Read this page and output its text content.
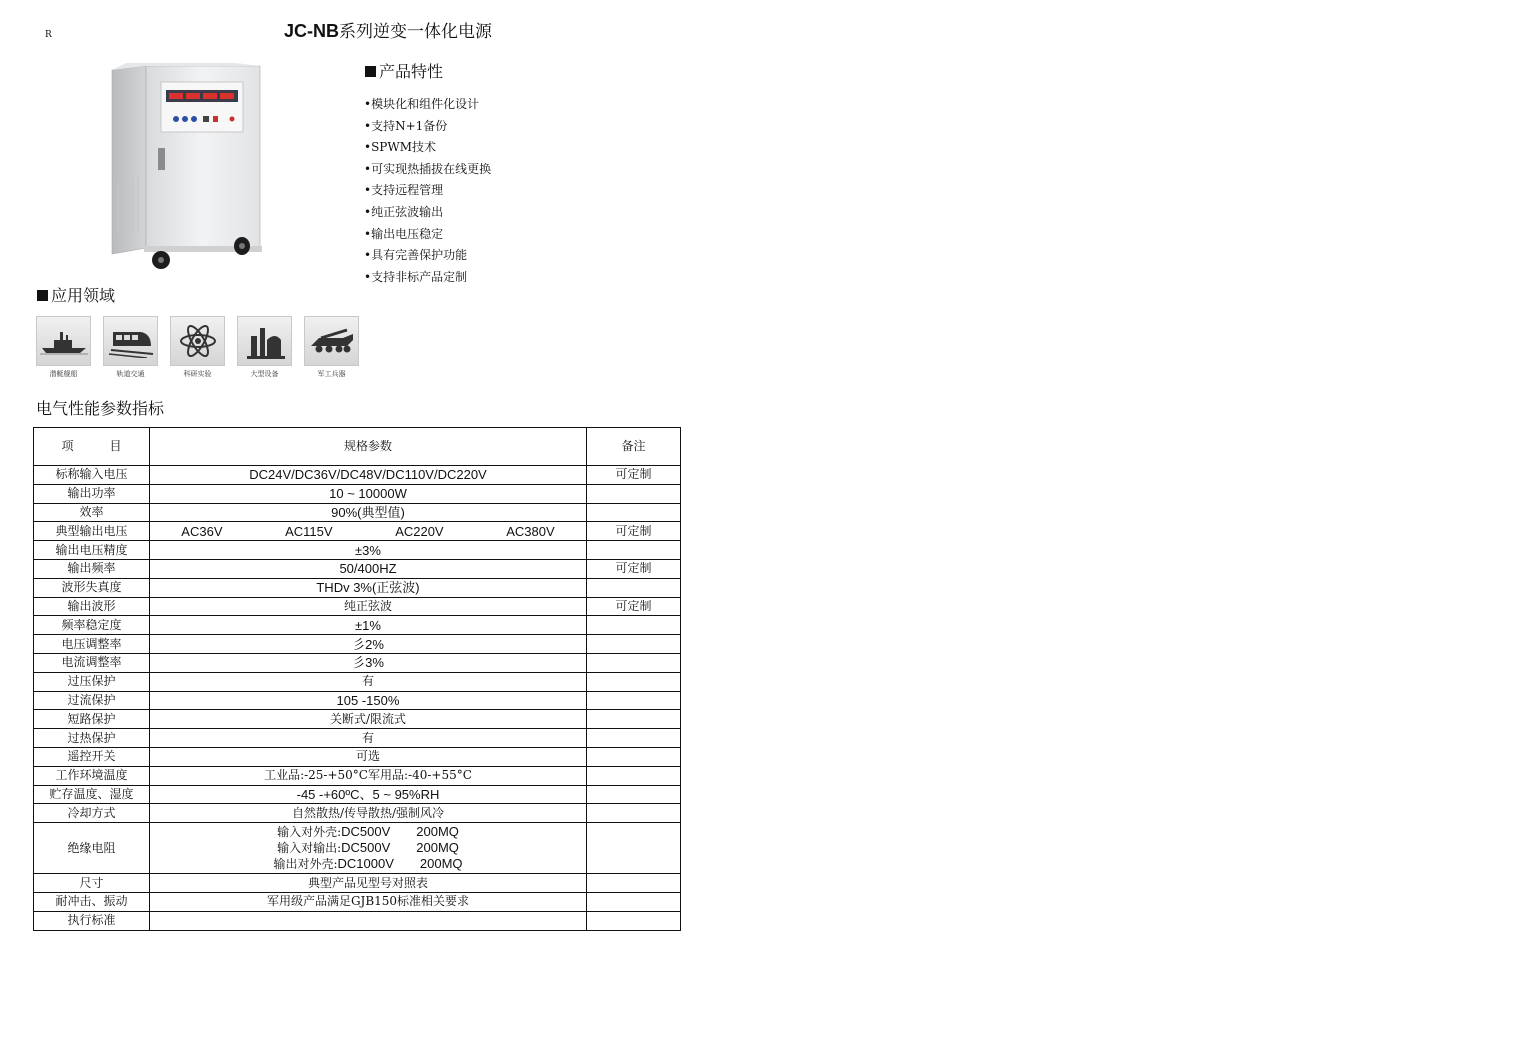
R	JC-NB系列逆变一体化电源
产品特性
•模块化和组件化设计
•支持N+1备份
•SPWM技术
•可实现热插拔在线更换
•支持远程管理
•纯正弦波输出
•输出电压稳定
•具有完善保护功能
•支持非标产品定制
应用领域
潜艇舰船	轨道交通	科研实验	大型设备	军工兵器
电气性能参数指标
项　　　目	规格参数	备注
标称输入电压	DC24V/DC36V/DC48V/DC110V/DC220V	可定制
输出功率	10 ~ 10000W	
效率	90%(典型值)	
典型输出电压	AC36V AC115V AC220V AC380V	可定制
输出电压精度	±3%	
输出频率	50/400HZ	可定制
波形失真度	THDv 3%(正弦波)	
输出波形	纯正弦波	可定制
频率稳定度	±1%	
电压调整率	彡2%	
电流调整率	彡3%	
过压保护	有	
过流保护	105 -150%	
短路保护	关断式/限流式	
过热保护	有	
遥控开关	可选	
工作环境温度	工业品:-25-+50°C军用品:-40-+55°C	
贮存温度、湿度	-45 -+60ºC、5 ~ 95%RH	
冷却方式	自然散热/传导散热/强制风冷	
绝缘电阻	输入对外壳:DC500V　　200MQ
输入对输出:DC500V　　200MQ
输出对外壳:DC1000V　　200MQ	

尺寸	典型产品见型号对照表	
耐冲击、振动	军用级产品满足GJB150标准相关要求	
执行标准		
